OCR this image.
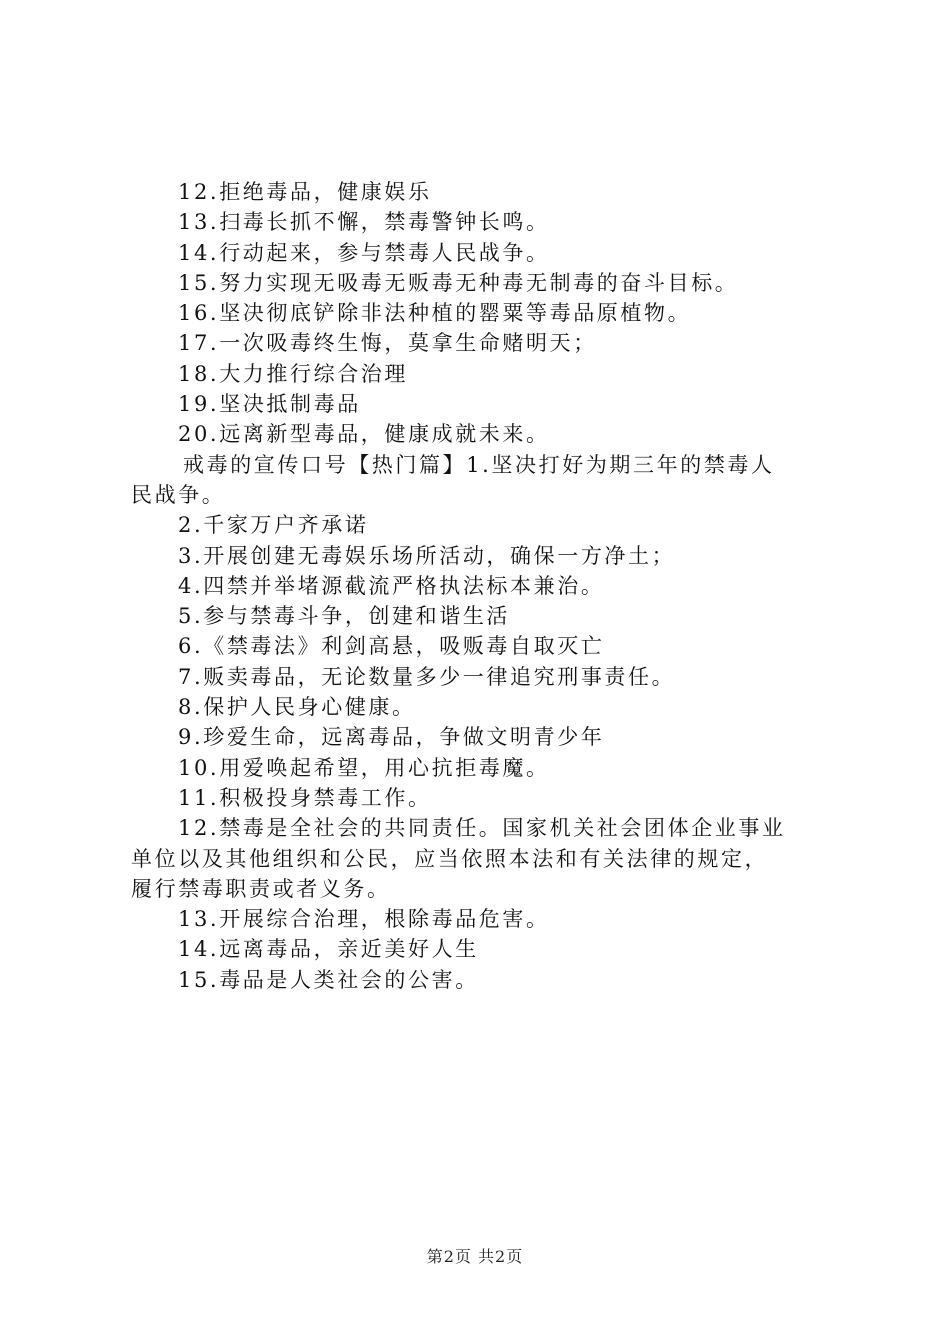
12.拒绝毒品，健康娱乐

13.扫毒长抓不懈，禁毒警钟长鸣。

14.行动起来，参与禁毒人民战争。

15.努力实现无吸毒无贩毒无种毒无制毒的奋斗目标。

16.坚决彻底铲除非法种植的罂粟等毒品原植物。

17.一次吸毒终生悔，莫拿生命赌明天；

18.大力推行综合治理

19.坚决抵制毒品

20.远离新型毒品，健康成就未来。

戒毒的宣传口号【热门篇】1.坚决打好为期三年的禁毒人

民战争。

2.千家万户齐承诺

3.开展创建无毒娱乐场所活动，确保一方净土；

4.四禁并举堵源截流严格执法标本兼治。

5.参与禁毒斗争，创建和谐生活

6.《禁毒法》利剑高悬，吸贩毒自取灭亡

7.贩卖毒品，无论数量多少一律追究刑事责任。

8.保护人民身心健康。

9.珍爱生命，远离毒品，争做文明青少年

10.用爱唤起希望，用心抗拒毒魔。

11.积极投身禁毒工作。

12.禁毒是全社会的共同责任。国家机关社会团体企业事业

单位以及其他组织和公民，应当依照本法和有关法律的规定，

履行禁毒职责或者义务。

13.开展综合治理，根除毒品危害。

14.远离毒品，亲近美好人生

15.毒品是人类社会的公害。

第2页 共2页
